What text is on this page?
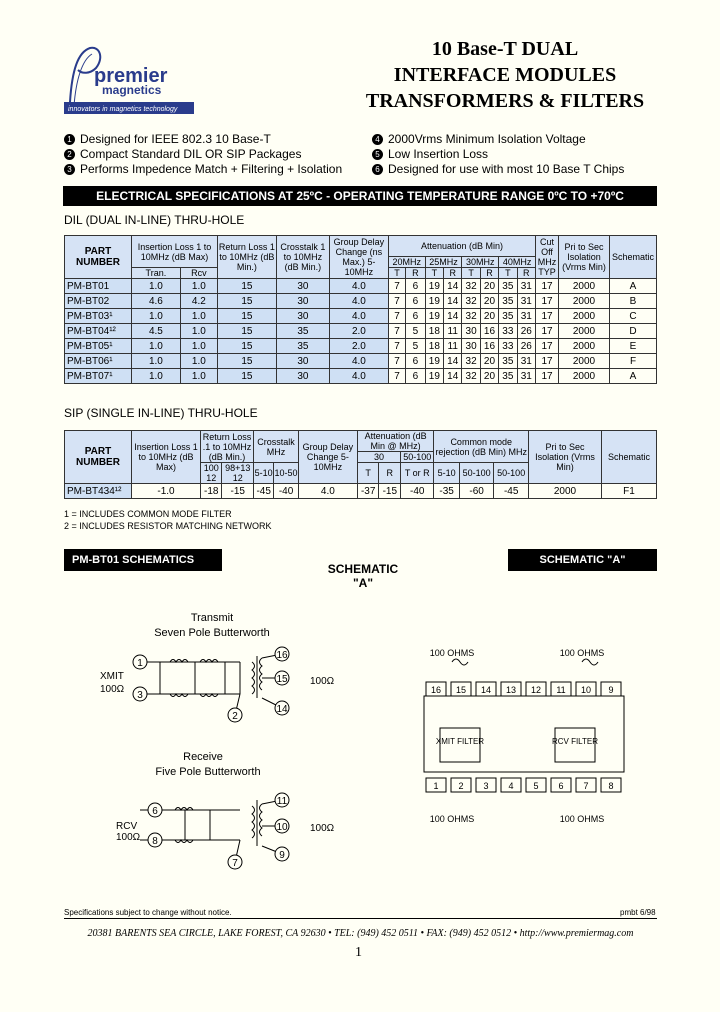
premier
magnetics
innovators in magnetics technology
10 Base-T DUAL
INTERFACE MODULES
TRANSFORMERS & FILTERS
1 Designed for IEEE 802.3 10 Base-T
2 Compact Standard DIL OR SIP Packages
3 Performs Impedence Match + Filtering + Isolation
4 2000Vrms Minimum Isolation Voltage
5 Low Insertion Loss
6 Designed for use with most 10 Base T Chips
ELECTRICAL SPECIFICATIONS AT 25ºC - OPERATING TEMPERATURE RANGE 0ºC TO +70ºC
DIL (DUAL IN-LINE) THRU-HOLE
PART NUMBER	Insertion Loss 1 to 10MHz (dB Max)		Return Loss 1 to 10MHz (dB Min.)	Crosstalk 1 to 10MHz (dB Min.)	Group Delay Change (ns Max.) 5-10MHz	Attenuation (dB Min)								Cut Off MHz TYP	Pri to Sec Isolation (Vrms Min)	Schematic
						20MHz		25MHz		30MHz		40MHz				
	Tran.	Rcv				T	R	T	R	T	R	T	R			
PM-BT01	1.0	1.0	15	30	4.0	7	6	19	14	32	20	35	31	17	2000	A
PM-BT02	4.6	4.2	15	30	4.0	7	6	19	14	32	20	35	31	17	2000	B
PM-BT03¹	1.0	1.0	15	30	4.0	7	6	19	14	32	20	35	31	17	2000	C
PM-BT04¹²	4.5	1.0	15	35	2.0	7	5	18	11	30	16	33	26	17	2000	D
PM-BT05¹	1.0	1.0	15	35	2.0	7	5	18	11	30	16	33	26	17	2000	E
PM-BT06¹	1.0	1.0	15	30	4.0	7	6	19	14	32	20	35	31	17	2000	F
PM-BT07¹	1.0	1.0	15	30	4.0	7	6	19	14	32	20	35	31	17	2000	A
SIP (SINGLE IN-LINE) THRU-HOLE
PART NUMBER	Insertion Loss 1 to 10MHz (dB Max)	Return Loss .1 to 10MHz (dB Min.)		Crosstalk MHz		Group Delay Change 5-10MHz	Attenuation (dB Min @ MHz)			Common mode rejection (dB Min) MHz			Pri to Sec Isolation (Vrms Min)	Schematic
							30		50-100					
		100 12	98+13 12	5-10	10-50		T	R	T or R	5-10	50-100	50-100		
PM-BT434¹²	-1.0	-18	-15	-45	-40	4.0	-37	-15	-40	-35	-60	-45	2000	F1
1 = INCLUDES COMMON MODE FILTER
2 = INCLUDES RESISTOR MATCHING NETWORK
PM-BT01 SCHEMATICS	SCHEMATIC "A"
SCHEMATIC
"A"
Transmit
Seven Pole Butterworth
XMIT
100Ω
100Ω
Receive
Five Pole Butterworth
RCV
100Ω
100Ω
1
3
2
16
15
14
6
8
7
11
10
9
100 OHMS	100 OHMS
100 OHMS	100 OHMS
16 15 14 13 12 11 10 9
1 2 3 4 5 6 7 8
XMIT FILTER	RCV FILTER
Specifications subject to change without notice.	pmbt 6/98
20381 BARENTS SEA CIRCLE, LAKE FOREST, CA 92630 • TEL: (949) 452 0511 • FAX: (949) 452 0512 • http://www.premiermag.com
1
